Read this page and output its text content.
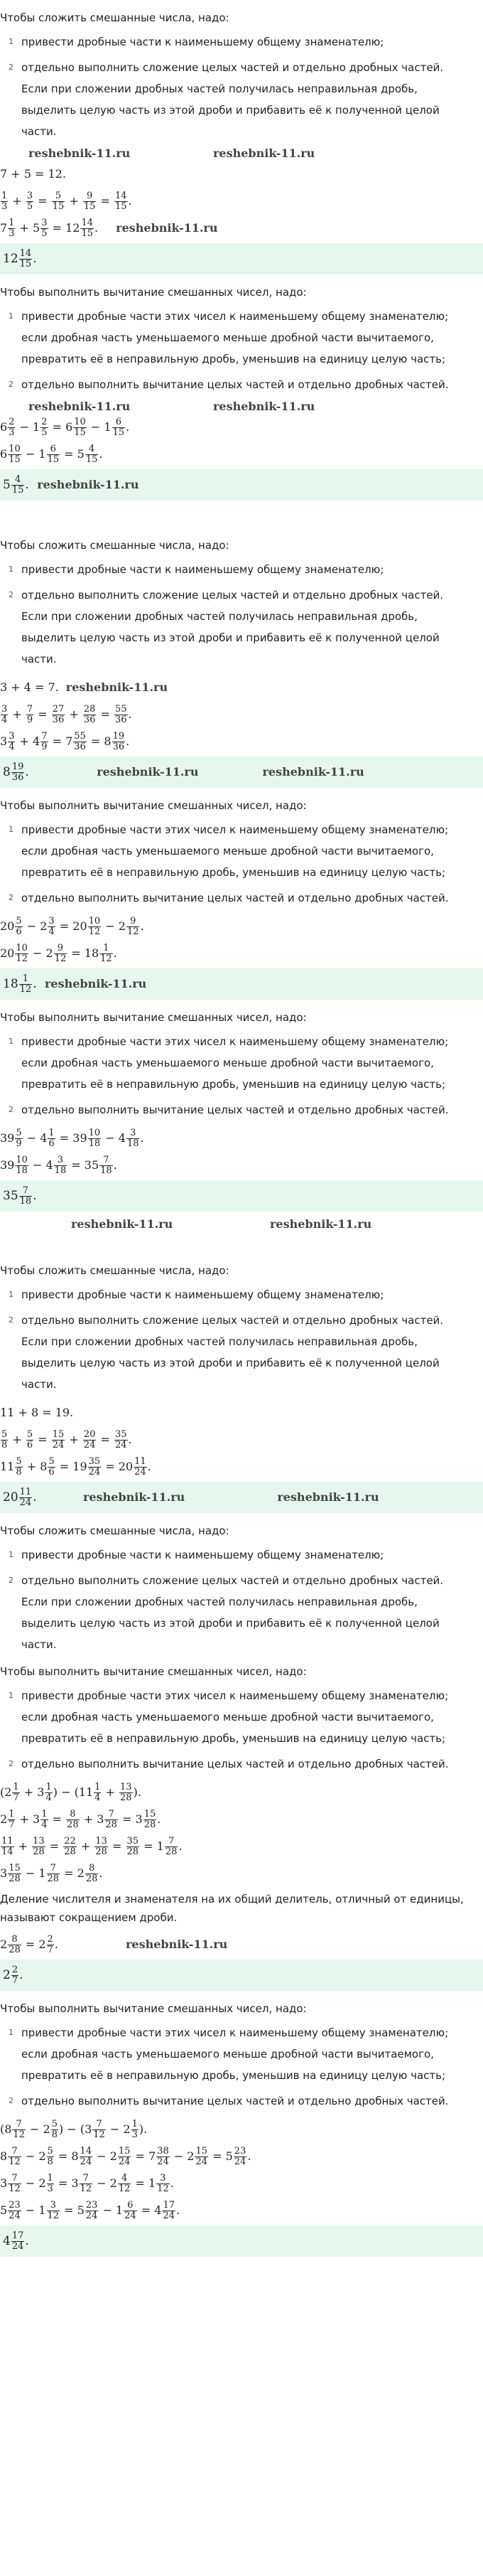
Чтобы сложить смешанные числа, надо:

1 привести дробные части к наименьшему общему знаменателю;
2 отдельно выполнить сложение целых частей и отдельно дробных частей. Если при сложении дробных частей получилась неправильная дробь, выделить целую часть из этой дроби и прибавить её к полученной целой части.
reshebnik-11.ru	reshebnik-11.ru
7 + 5 = 12.
$\frac{1}{3} + \frac{3}{5} = \frac{5}{15} + \frac{9}{15} = \frac{14}{15}$ .
$7 \frac{1}{3} + 5 \frac{3}{5} = 12 \frac{14}{15}$ . reshebnik-11.ru
$12 \frac{14}{15}$ .

Чтобы выполнить вычитание смешанных чисел, надо:

1 привести дробные части этих чисел к наименьшему общему знаменателю; если дробная часть уменьшаемого меньше дробной части вычитаемого, превратить её в неправильную дробь, уменьшив на единицу целую часть;
2 отдельно выполнить вычитание целых частей и отдельно дробных частей.
reshebnik-11.ru	reshebnik-11.ru
$6 \frac{2}{3} - 1 \frac{2}{5} = 6 \frac{10}{15} - 1 \frac{6}{15}$ .
$6 \frac{10}{15} - 1 \frac{6}{15} = 5 \frac{4}{15}$ .
$5 \frac{4}{15}$ . reshebnik-11.ru

Чтобы сложить смешанные числа, надо:

1 привести дробные части к наименьшему общему знаменателю;
2 отдельно выполнить сложение целых частей и отдельно дробных частей. Если при сложении дробных частей получилась неправильная дробь, выделить целую часть из этой дроби и прибавить её к полученной целой части.
3 + 4 = 7. reshebnik-11.ru
$\frac{3}{4} + \frac{7}{9} = \frac{27}{36} + \frac{28}{36} = \frac{55}{36}$ .
$3 \frac{3}{4} + 4 \frac{7}{9} = 7 \frac{55}{36} = 8 \frac{19}{36}$ .
$8 \frac{19}{36}$ .	reshebnik-11.ru	reshebnik-11.ru

Чтобы выполнить вычитание смешанных чисел, надо:

1 привести дробные части этих чисел к наименьшему общему знаменателю; если дробная часть уменьшаемого меньше дробной части вычитаемого, превратить её в неправильную дробь, уменьшив на единицу целую часть;
2 отдельно выполнить вычитание целых частей и отдельно дробных частей.
$20 \frac{5}{6} - 2 \frac{3}{4} = 20 \frac{10}{12} - 2 \frac{9}{12}$ .
$20 \frac{10}{12} - 2 \frac{9}{12} = 18 \frac{1}{12}$ .
$18 \frac{1}{12}$ . reshebnik-11.ru

Чтобы выполнить вычитание смешанных чисел, надо:

1 привести дробные части этих чисел к наименьшему общему знаменателю; если дробная часть уменьшаемого меньше дробной части вычитаемого, превратить её в неправильную дробь, уменьшив на единицу целую часть;
2 отдельно выполнить вычитание целых частей и отдельно дробных частей.
$39 \frac{5}{9} - 4 \frac{1}{6} = 39 \frac{10}{18} - 4 \frac{3}{18}$ .
$39 \frac{10}{18} - 4 \frac{3}{18} = 35 \frac{7}{18}$ .
$35 \frac{7}{18}$ .
reshebnik-11.ru	reshebnik-11.ru

Чтобы сложить смешанные числа, надо:

1 привести дробные части к наименьшему общему знаменателю;
2 отдельно выполнить сложение целых частей и отдельно дробных частей. Если при сложении дробных частей получилась неправильная дробь, выделить целую часть из этой дроби и прибавить её к полученной целой части.
11 + 8 = 19.
$\frac{5}{8} + \frac{5}{6} = \frac{15}{24} + \frac{20}{24} = \frac{35}{24}$ .
$11 \frac{5}{8} + 8 \frac{5}{6} = 19 \frac{35}{24} = 20 \frac{11}{24}$ .
$20 \frac{11}{24}$ .	reshebnik-11.ru	reshebnik-11.ru

Чтобы сложить смешанные числа, надо:

1 привести дробные части к наименьшему общему знаменателю;
2 отдельно выполнить сложение целых частей и отдельно дробных частей. Если при сложении дробных частей получилась неправильная дробь, выделить целую часть из этой дроби и прибавить её к полученной целой части.

Чтобы выполнить вычитание смешанных чисел, надо:

1 привести дробные части этих чисел к наименьшему общему знаменателю; если дробная часть уменьшаемого меньше дробной части вычитаемого, превратить её в неправильную дробь, уменьшив на единицу целую часть;
2 отдельно выполнить вычитание целых частей и отдельно дробных частей.
($2 \frac{1}{7} + 3 \frac{1}{4}$ ) − ($11 \frac{1}{4} + \frac{13}{28}$ ).
$2 \frac{1}{7} + 3 \frac{1}{4} = \frac{8}{28} + 3 \frac{7}{28} = 3 \frac{15}{28}$ .
$\frac{11}{14} + \frac{13}{28} = \frac{22}{28} + \frac{13}{28} = \frac{35}{28} = 1 \frac{7}{28}$ .
$3 \frac{15}{28} - 1 \frac{7}{28} = 2 \frac{8}{28}$ .

Деление числителя и знаменателя на их общий делитель, отличный от единицы, называют сокращением дроби.

$2 \frac{8}{28} = 2 \frac{2}{7}$ .	reshebnik-11.ru
$2 \frac{2}{7}$ .

Чтобы выполнить вычитание смешанных чисел, надо:

1 привести дробные части этих чисел к наименьшему общему знаменателю; если дробная часть уменьшаемого меньше дробной части вычитаемого, превратить её в неправильную дробь, уменьшив на единицу целую часть;
2 отдельно выполнить вычитание целых частей и отдельно дробных частей.
($8 \frac{7}{12} - 2 \frac{5}{8}$ ) − ($3 \frac{7}{12} - 2 \frac{1}{3}$ ).
$8 \frac{7}{12} - 2 \frac{5}{8} = 8 \frac{14}{24} - 2 \frac{15}{24} = 7 \frac{38}{24} - 2 \frac{15}{24} = 5 \frac{23}{24}$ .
$3 \frac{7}{12} - 2 \frac{1}{3} = 3 \frac{7}{12} - 2 \frac{4}{12} = 1 \frac{3}{12}$ .
$5 \frac{23}{24} - 1 \frac{3}{12} = 5 \frac{23}{24} - 1 \frac{6}{24} = 4 \frac{17}{24}$ .
$4 \frac{17}{24}$ .
